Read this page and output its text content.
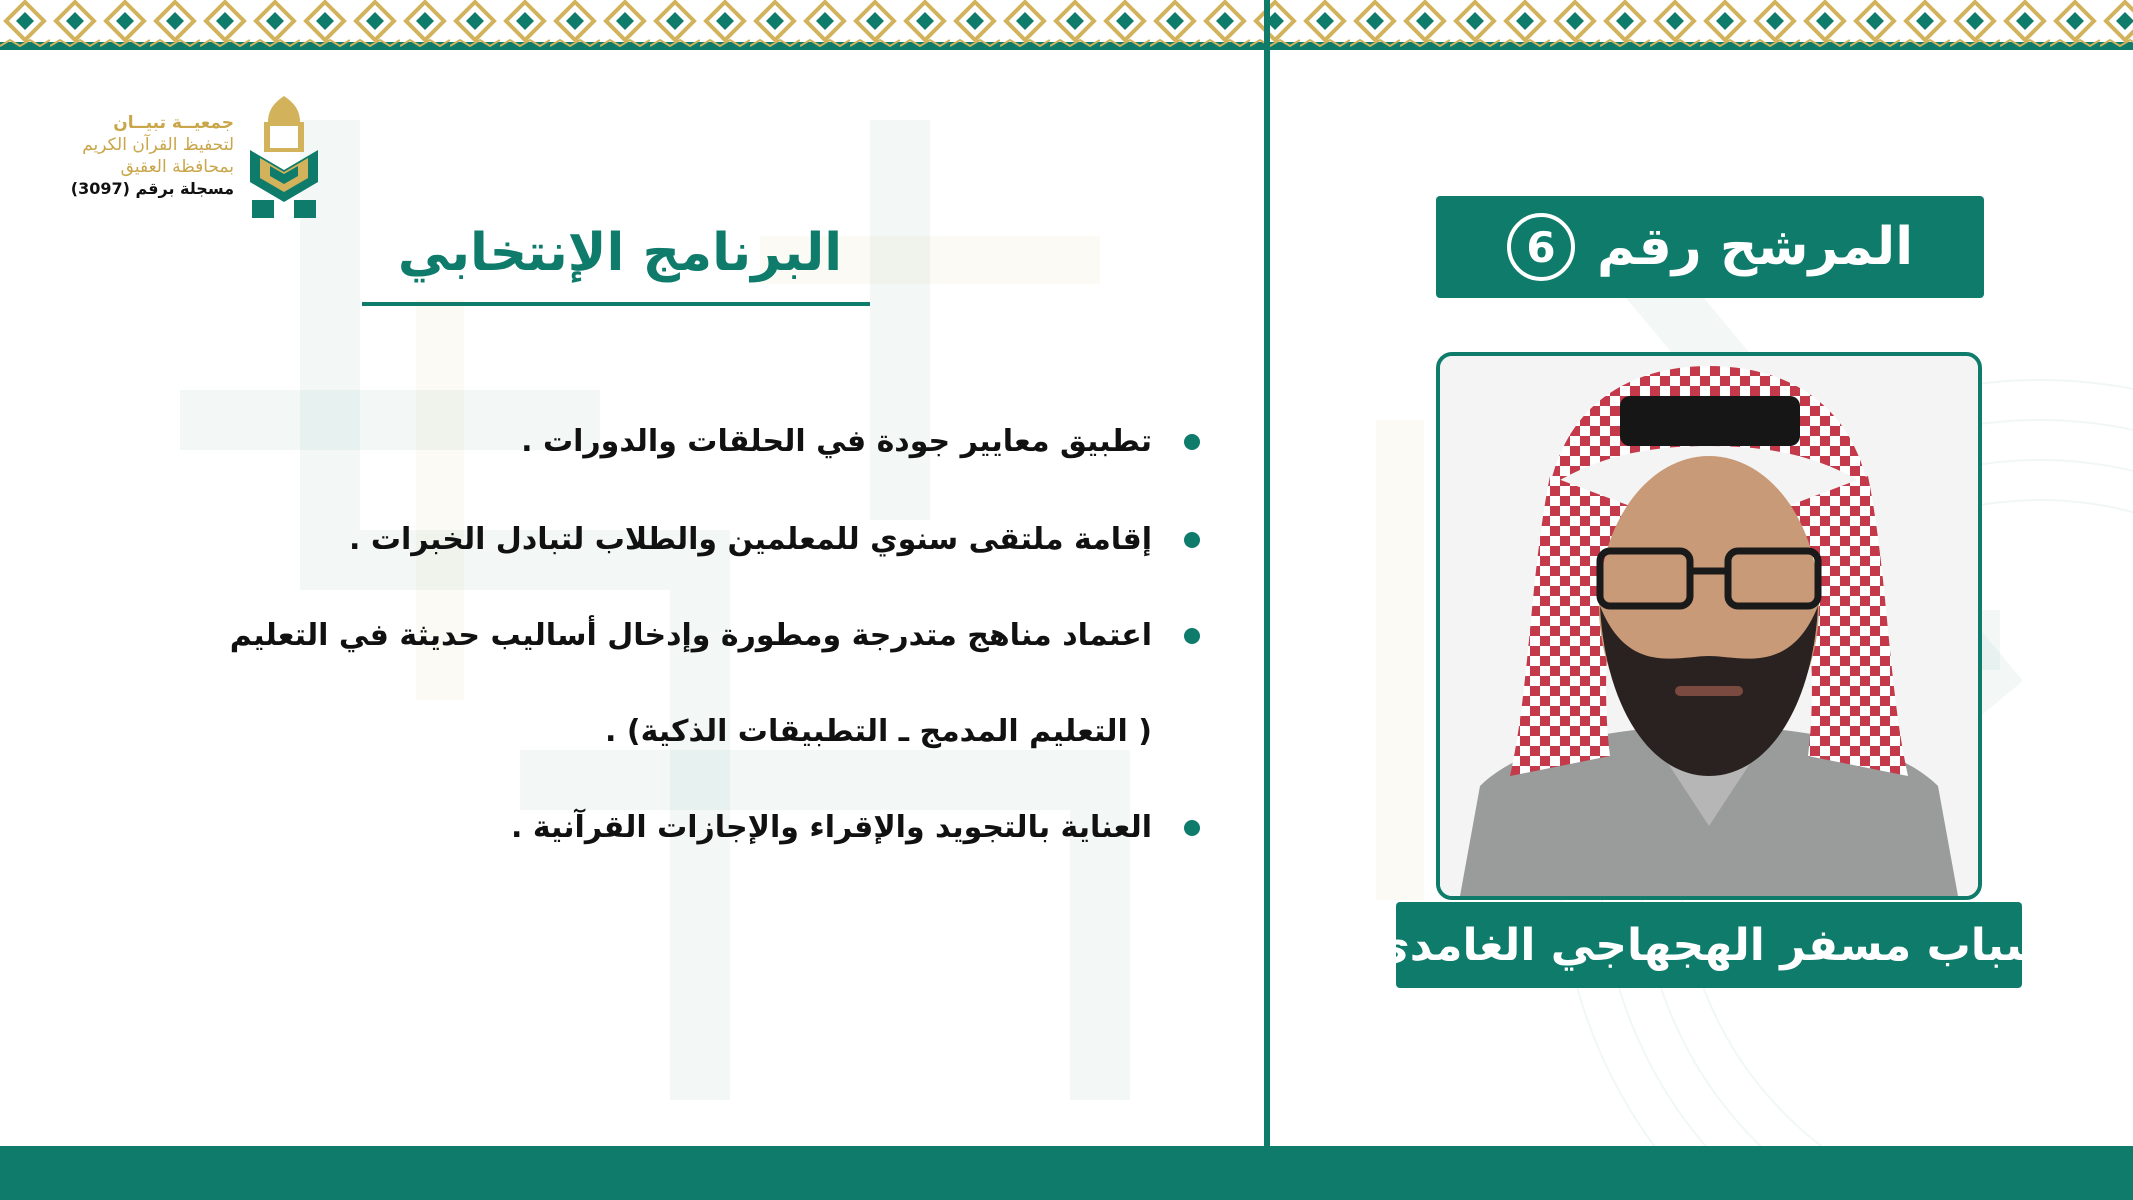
جمعيــة تبيــان
لتحفيظ القرآن الكريم
بمحافظة العقيق
مسجلة برقم (3097)
البرنامج الإنتخابي
تطبيق معايير جودة في الحلقات والدورات .
إقامة ملتقى سنوي للمعلمين والطلاب لتبادل الخبرات .
اعتماد مناهج متدرجة ومطورة وإدخال أساليب حديثة في التعليم
( التعليم المدمج ـ التطبيقات الذكية) .
العناية بالتجويد والإقراء والإجازات القرآنية .
المرشح رقم
6
شباب مسفر الهجهاجي الغامدي
